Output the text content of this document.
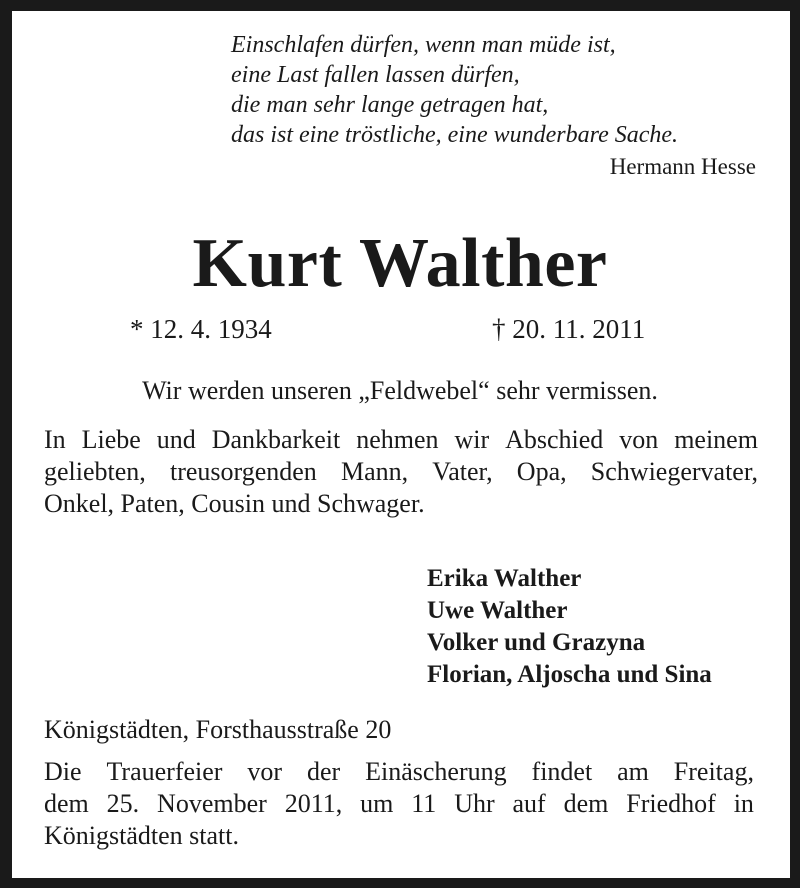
Einschlafen dürfen, wenn man müde ist,
eine Last fallen lassen dürfen,
die man sehr lange getragen hat,
das ist eine tröstliche, eine wunderbare Sache.
Hermann Hesse
Kurt Walther
* 12. 4. 1934	† 20. 11. 2011
Wir werden unseren „Feldwebel“ sehr vermissen.
In Liebe und Dankbarkeit nehmen wir Abschied von meinem
geliebten, treusorgenden Mann, Vater, Opa, Schwiegervater,
Onkel, Paten, Cousin und Schwager.
Erika Walther
Uwe Walther
Volker und Grazyna
Florian, Aljoscha und Sina
Königstädten, Forsthausstraße 20
Die Trauerfeier vor der Einäscherung findet am Freitag,
dem 25. November 2011, um 11 Uhr auf dem Friedhof in
Königstädten statt.
